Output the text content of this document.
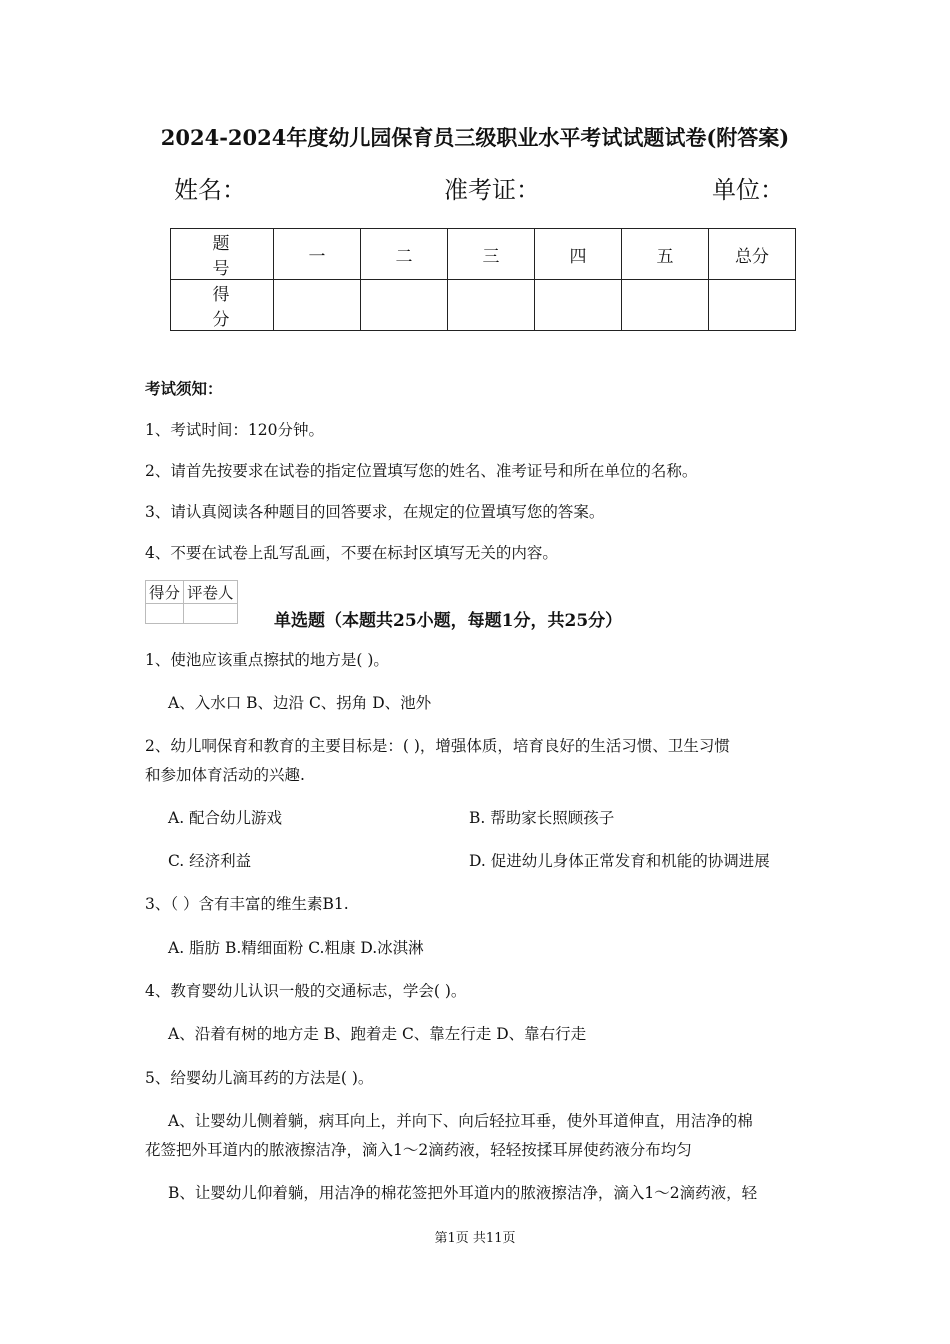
2024-2024年度幼儿园保育员三级职业水平考试试题试卷(附答案)
姓名：	准考证：	单位：
题 号	一	二	三	四	五	总分
得 分						
考试须知：
1、考试时间：120分钟。
2、请首先按要求在试卷的指定位置填写您的姓名、准考证号和所在单位的名称。
3、请认真阅读各种题目的回答要求，在规定的位置填写您的答案。
4、不要在试卷上乱写乱画，不要在标封区填写无关的内容。
得分	评卷人

单选题（本题共25小题，每题1分，共25分）
1、使池应该重点擦拭的地方是( )。
A、入水口 B、边沿 C、拐角 D、池外
2、幼儿哃保育和教育的主要目标是：( )，增强体质，培育良好的生活习惯、卫生习惯
和参加体育活动的兴趣.
A. 配合幼儿游戏	B. 帮助家长照顾孩子
C. 经济利益	D. 促进幼儿身体正常发育和机能的协调进展
3、（ ）含有丰富的维生素B1.
A. 脂肪 B.精细面粉 C.粗康 D.冰淇淋
4、教育婴幼儿认识一般的交通标志，学会( )。
A、沿着有树的地方走 B、跑着走 C、靠左行走 D、靠右行走
5、给婴幼儿滴耳药的方法是( )。
A、让婴幼儿侧着躺，病耳向上，并向下、向后轻拉耳垂，使外耳道伸直，用洁净的棉
花签把外耳道内的脓液擦洁净，滴入1～2滴药液，轻轻按揉耳屏使药液分布均匀
B、让婴幼儿仰着躺，用洁净的棉花签把外耳道内的脓液擦洁净，滴入1～2滴药液，轻
第1页 共11页
